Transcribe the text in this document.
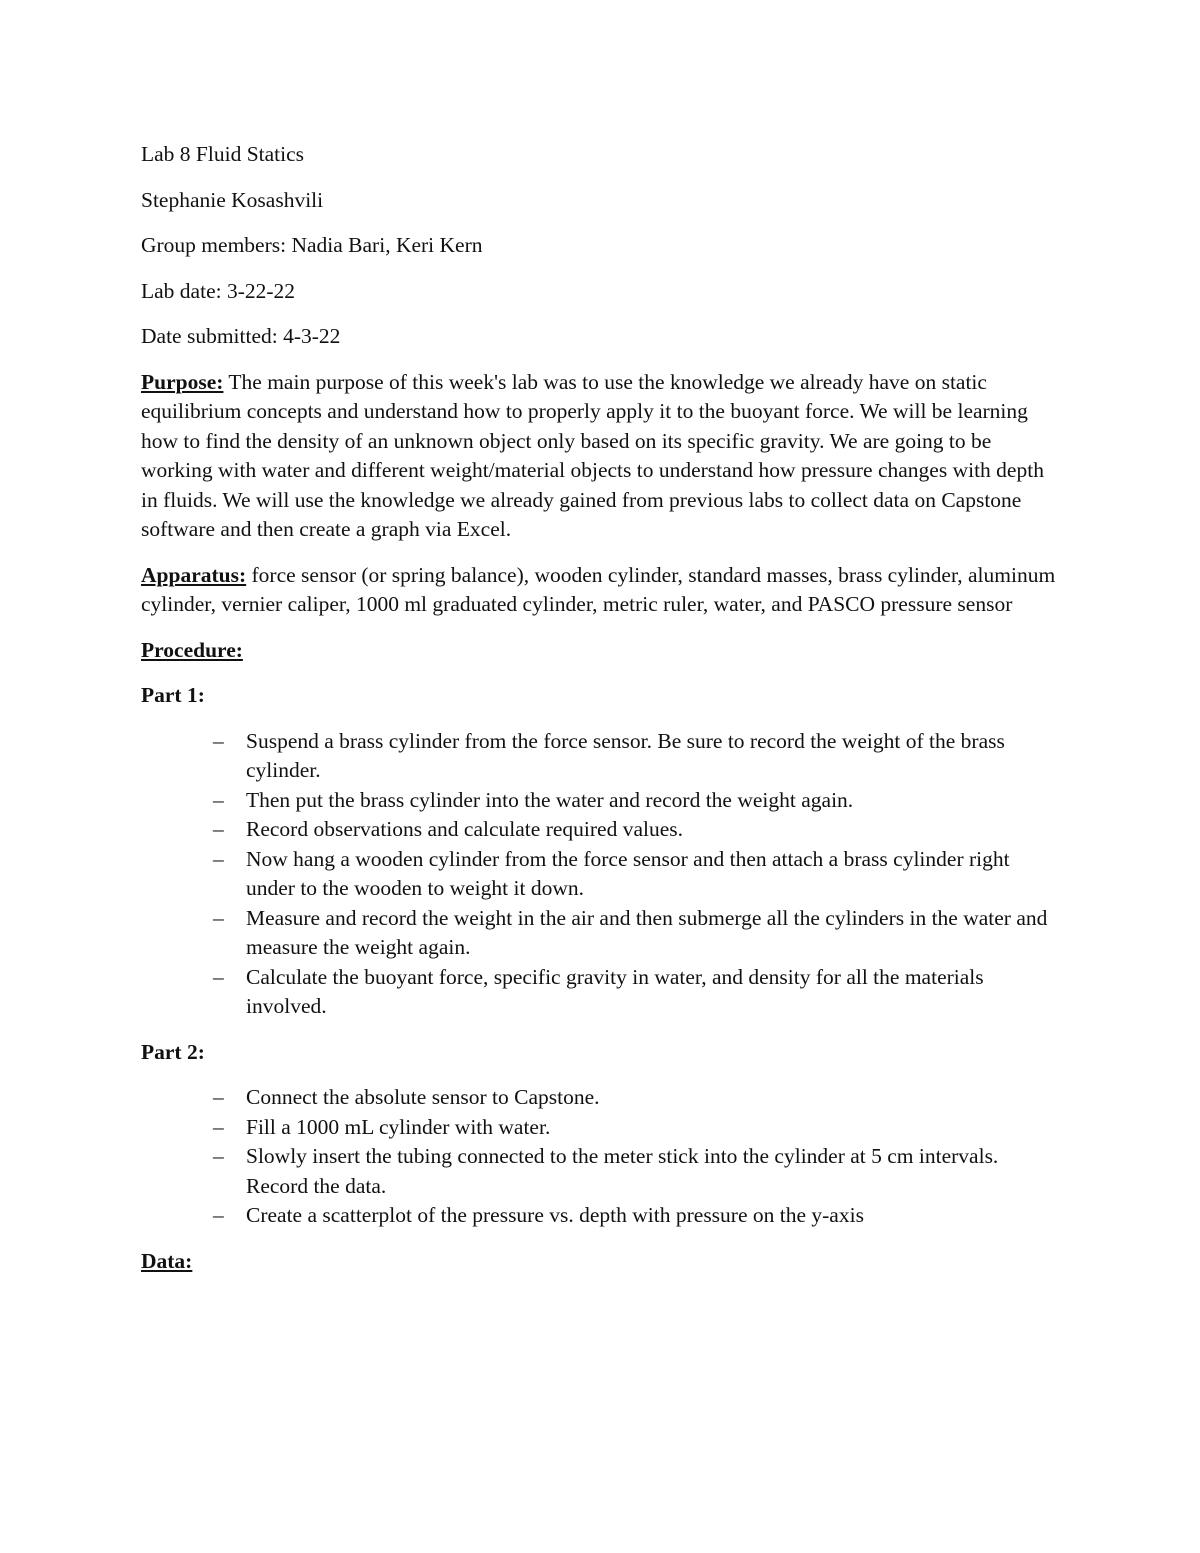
Lab 8 Fluid Statics
Stephanie Kosashvili
Group members: Nadia Bari, Keri Kern
Lab date: 3-22-22
Date submitted: 4-3-22

Purpose: The main purpose of this week's lab was to use the knowledge we already have on static equilibrium concepts and understand how to properly apply it to the buoyant force. We will be learning how to find the density of an unknown object only based on its specific gravity. We are going to be working with water and different weight/material objects to understand how pressure changes with depth in fluids. We will use the knowledge we already gained from previous labs to collect data on Capstone software and then create a graph via Excel.

Apparatus: force sensor (or spring balance), wooden cylinder, standard masses, brass cylinder, aluminum cylinder, vernier caliper, 1000 ml graduated cylinder, metric ruler, water, and PASCO pressure sensor

Procedure:
Part 1:
– Suspend a brass cylinder from the force sensor. Be sure to record the weight of the brass cylinder.
– Then put the brass cylinder into the water and record the weight again.
– Record observations and calculate required values.
– Now hang a wooden cylinder from the force sensor and then attach a brass cylinder right under to the wooden to weight it down.
– Measure and record the weight in the air and then submerge all the cylinders in the water and measure the weight again.
– Calculate the buoyant force, specific gravity in water, and density for all the materials involved.
Part 2:
– Connect the absolute sensor to Capstone.
– Fill a 1000 mL cylinder with water.
– Slowly insert the tubing connected to the meter stick into the cylinder at 5 cm intervals. Record the data.
– Create a scatterplot of the pressure vs. depth with pressure on the y-axis
Data:
